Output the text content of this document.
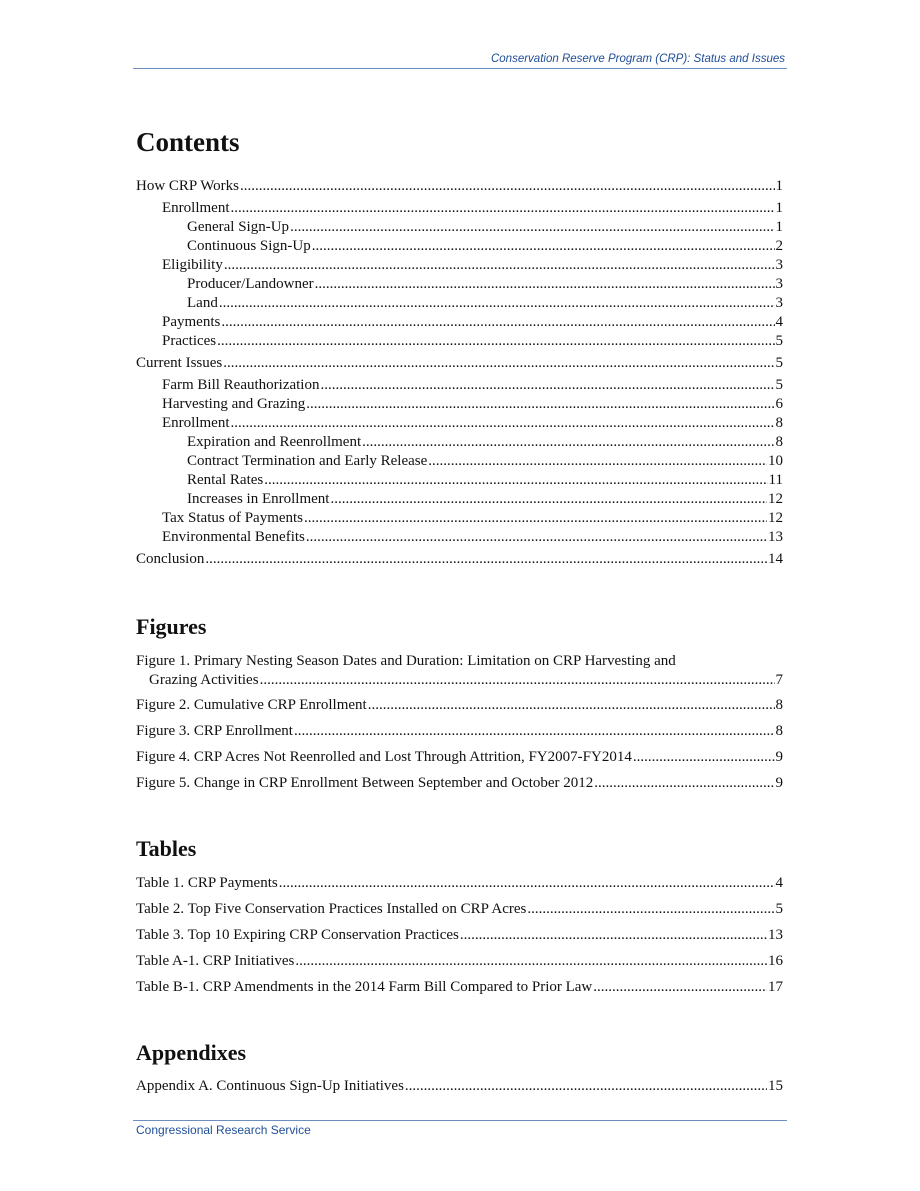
Conservation Reserve Program (CRP): Status and Issues
Contents
How CRP Works .....	1
Enrollment .....	1
General Sign-Up .....	1
Continuous Sign-Up .....	2
Eligibility .....	3
Producer/Landowner .....	3
Land .....	3
Payments .....	4
Practices .....	5
Current Issues .....	5
Farm Bill Reauthorization .....	5
Harvesting and Grazing .....	6
Enrollment .....	8
Expiration and Reenrollment .....	8
Contract Termination and Early Release .....	10
Rental Rates .....	11
Increases in Enrollment .....	12
Tax Status of Payments .....	12
Environmental Benefits .....	13
Conclusion .....	14
Figures
Figure 1. Primary Nesting Season Dates and Duration: Limitation on CRP Harvesting and
Grazing Activities .....	7
Figure 2. Cumulative CRP Enrollment .....	8
Figure 3. CRP Enrollment .....	8
Figure 4. CRP Acres Not Reenrolled and Lost Through Attrition, FY2007-FY2014 .....	9
Figure 5. Change in CRP Enrollment Between September and October 2012 .....	9
Tables
Table 1. CRP Payments .....	4
Table 2. Top Five Conservation Practices Installed on CRP Acres .....	5
Table 3. Top 10 Expiring CRP Conservation Practices .....	13
Table A-1. CRP Initiatives .....	16
Table B-1. CRP Amendments in the 2014 Farm Bill Compared to Prior Law .....	17
Appendixes
Appendix A. Continuous Sign-Up Initiatives .....	15
Congressional Research Service
